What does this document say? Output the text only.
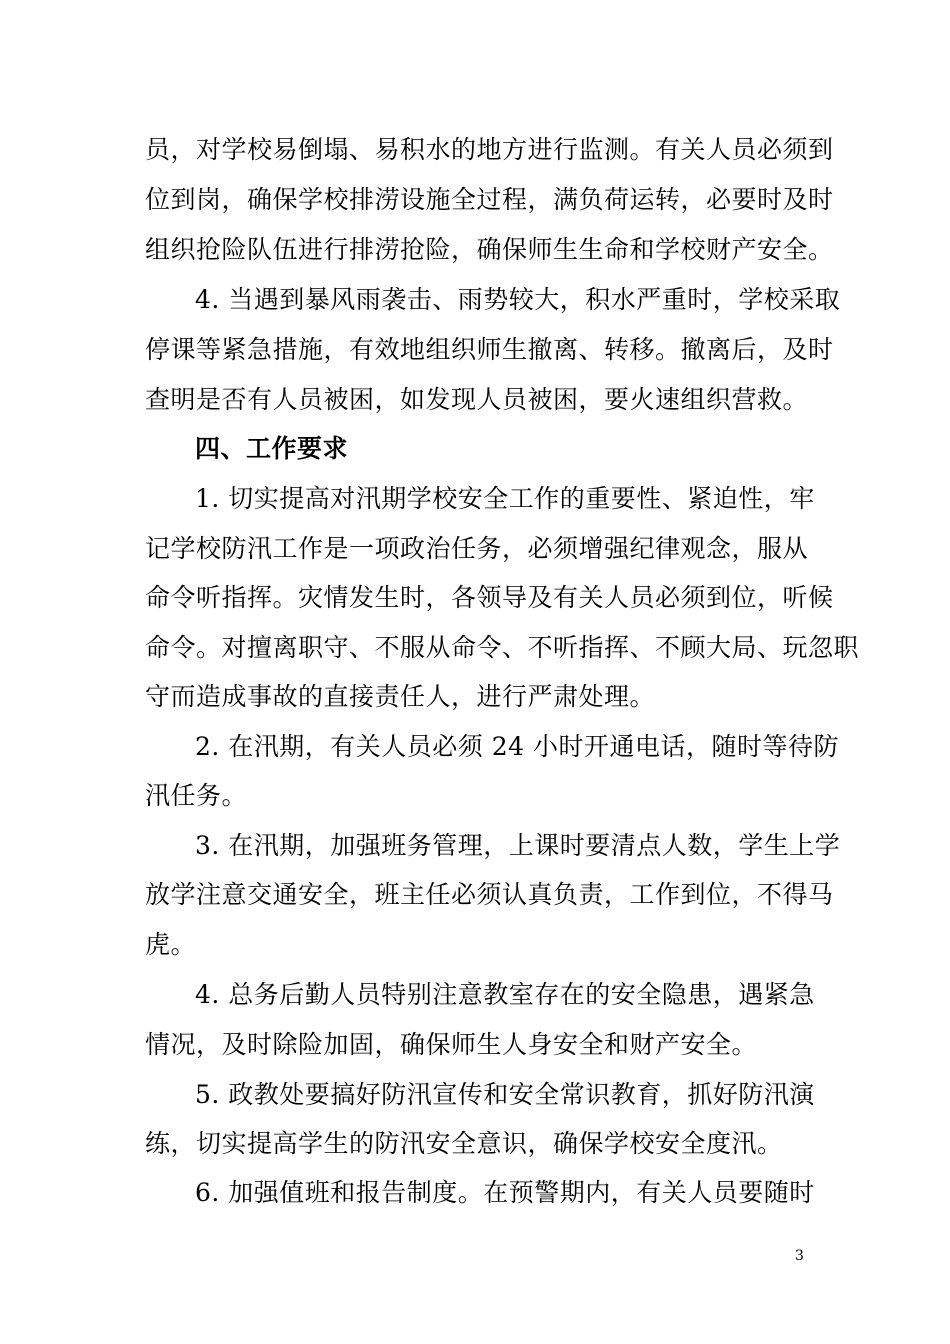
员，对学校易倒塌、易积水的地方进行监测。有关人员必须到
位到岗，确保学校排涝设施全过程，满负荷运转，必要时及时
组织抢险队伍进行排涝抢险，确保师生生命和学校财产安全。
4. 当遇到暴风雨袭击、雨势较大，积水严重时，学校采取
停课等紧急措施，有效地组织师生撤离、转移。撤离后，及时
查明是否有人员被困，如发现人员被困，要火速组织营救。
四、工作要求
1. 切实提高对汛期学校安全工作的重要性、紧迫性，牢
记学校防汛工作是一项政治任务，必须增强纪律观念，服从
命令听指挥。灾情发生时，各领导及有关人员必须到位，听候
命令。对擅离职守、不服从命令、不听指挥、不顾大局、玩忽职
守而造成事故的直接责任人，进行严肃处理。
2. 在汛期，有关人员必须 24 小时开通电话，随时等待防
汛任务。
3. 在汛期，加强班务管理，上课时要清点人数，学生上学
放学注意交通安全，班主任必须认真负责，工作到位，不得马
虎。
4. 总务后勤人员特别注意教室存在的安全隐患，遇紧急
情况，及时除险加固，确保师生人身安全和财产安全。
5. 政教处要搞好防汛宣传和安全常识教育，抓好防汛演
练，切实提高学生的防汛安全意识，确保学校安全度汛。
6. 加强值班和报告制度。在预警期内，有关人员要随时
3
